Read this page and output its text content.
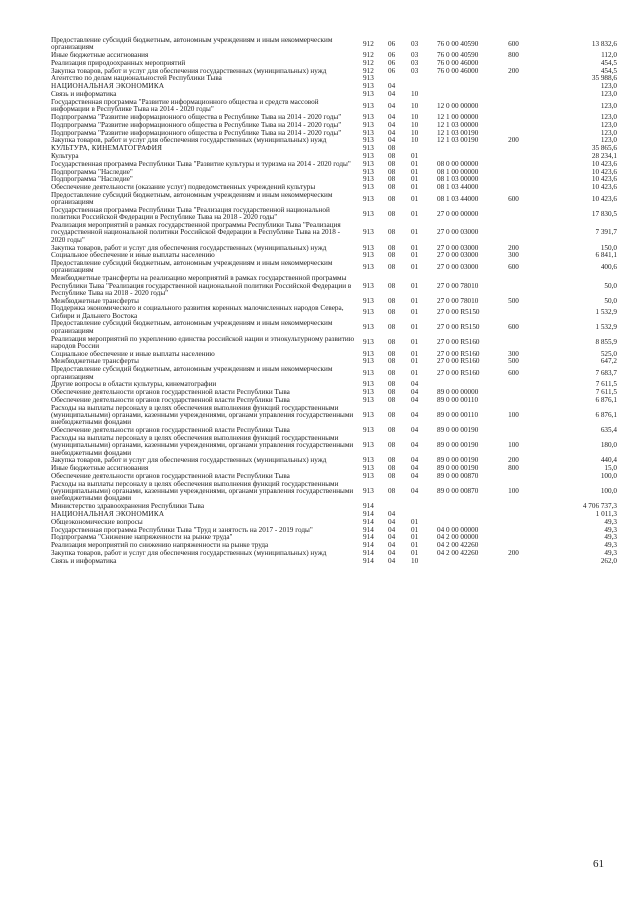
Предоставление субсидий бюджетным, автономным учреждениям и иным некоммерческим организациям	912	06	03	76 0 00 40590	600	13 832,6
Иные бюджетные ассигнования	912	06	03	76 0 00 40590	800	112,0
Реализация природоохранных мероприятий	912	06	03	76 0 00 46000		454,5
Закупка товаров, работ и услуг для обеспечения государственных (муниципальных) нужд	912	06	03	76 0 00 46000	200	454,5
Агентство по делам национальностей Республики Тыва	913					35 988,6
НАЦИОНАЛЬНАЯ ЭКОНОМИКА	913	04				123,0
Связь и информатика	913	04	10			123,0
Государственная программа "Развитие информационного общества и средств массовой информации в Республике Тыва на 2014 - 2020 годы"	913	04	10	12 0 00 00000		123,0
Подпрограмма "Развитие информационного общества в Республике Тыва на 2014 - 2020 годы"	913	04	10	12 1 00 00000		123,0
Подпрограмма "Развитие информационного общества в Республике Тыва на 2014 - 2020 годы"	913	04	10	12 1 03 00000		123,0
Подпрограмма "Развитие информационного общества в Республике Тыва на 2014 - 2020 годы"	913	04	10	12 1 03 00190		123,0
Закупка товаров, работ и услуг для обеспечения государственных (муниципальных) нужд	913	04	10	12 1 03 00190	200	123,0
КУЛЬТУРА, КИНЕМАТОГРАФИЯ	913	08				35 865,6
Культура	913	08	01			28 234,1
Государственная программа Республики Тыва "Развитие культуры и туризма на 2014 - 2020 годы"	913	08	01	08 0 00 00000		10 423,6
Подпрограмма "Наследие"	913	08	01	08 1 00 00000		10 423,6
Подпрограмма "Наследие"	913	08	01	08 1 03 00000		10 423,6
Обеспечение деятельности (оказание услуг) подведомственных учреждений культуры	913	08	01	08 1 03 44000		10 423,6
Предоставление субсидий бюджетным, автономным учреждениям и иным некоммерческим организациям	913	08	01	08 1 03 44000	600	10 423,6
Государственная программа Республики Тыва "Реализация государственной национальной политики Российской Федерации в Республике Тыва на 2018 - 2020 годы"	913	08	01	27 0 00 00000		17 830,5
Реализация мероприятий в рамках государственной программы Республики Тыва "Реализация государственной национальной политики Российской Федерации в Республике Тыва на 2018 - 2020 годы"	913	08	01	27 0 00 03000		7 391,7
Закупка товаров, работ и услуг для обеспечения государственных (муниципальных) нужд	913	08	01	27 0 00 03000	200	150,0
Социальное обеспечение и иные выплаты населению	913	08	01	27 0 00 03000	300	6 841,1
Предоставление субсидий бюджетным, автономным учреждениям и иным некоммерческим организациям	913	08	01	27 0 00 03000	600	400,6
Межбюджетные трансферты на реализацию мероприятий в рамках государственной программы Республики Тыва "Реализация государственной национальной политики Российской Федерации в Республике Тыва на 2018 - 2020 годы"	913	08	01	27 0 00 78010		50,0
Межбюджетные трансферты	913	08	01	27 0 00 78010	500	50,0
Поддержка экономического и социального развития коренных малочисленных народов Севера, Сибири и Дальнего Востока	913	08	01	27 0 00 R5150		1 532,9
Предоставление субсидий бюджетным, автономным учреждениям и иным некоммерческим организациям	913	08	01	27 0 00 R5150	600	1 532,9
Реализация мероприятий по укреплению единства российской нации и этнокультурному развитию народов России	913	08	01	27 0 00 R5160		8 855,9
Социальное обеспечение и иные выплаты населению	913	08	01	27 0 00 R5160	300	525,0
Межбюджетные трансферты	913	08	01	27 0 00 R5160	500	647,2
Предоставление субсидий бюджетным, автономным учреждениям и иным некоммерческим организациям	913	08	01	27 0 00 R5160	600	7 683,7
Другие вопросы в области культуры, кинематографии	913	08	04			7 611,5
Обеспечение деятельности органов государственной власти Республики Тыва	913	08	04	89 0 00 00000		7 611,5
Обеспечение деятельности органов государственной власти Республики Тыва	913	08	04	89 0 00 00110		6 876,1
Расходы на выплаты персоналу в целях обеспечения выполнения функций государственными (муниципальными) органами, казенными учреждениями, органами управления государственными внебюджетными фондами	913	08	04	89 0 00 00110	100	6 876,1
Обеспечение деятельности органов государственной власти Республики Тыва	913	08	04	89 0 00 00190		635,4
Расходы на выплаты персоналу в целях обеспечения выполнения функций государственными (муниципальными) органами, казенными учреждениями, органами управления государственными внебюджетными фондами	913	08	04	89 0 00 00190	100	180,0
Закупка товаров, работ и услуг для обеспечения государственных (муниципальных) нужд	913	08	04	89 0 00 00190	200	440,4
Иные бюджетные ассигнования	913	08	04	89 0 00 00190	800	15,0
Обеспечение деятельности органов государственной власти Республики Тыва	913	08	04	89 0 00 00870		100,0
Расходы на выплаты персоналу в целях обеспечения выполнения функций государственными (муниципальными) органами, казенными учреждениями, органами управления государственными внебюджетными фондами	913	08	04	89 0 00 00870	100	100,0
Министерство здравоохранения Республики Тыва	914					4 706 737,3
НАЦИОНАЛЬНАЯ ЭКОНОМИКА	914	04				1 011,3
Общеэкономические вопросы	914	04	01			49,3
Государственная программа Республики Тыва "Труд и занятость на 2017 - 2019 годы"	914	04	01	04 0 00 00000		49,3
Подпрограмма "Снижение напряженности на рынке труда"	914	04	01	04 2 00 00000		49,3
Реализация мероприятий по снижению напряженности на рынке труда	914	04	01	04 2 00 42260		49,3
Закупка товаров, работ и услуг для обеспечения государственных (муниципальных) нужд	914	04	01	04 2 00 42260	200	49,3
Связь и информатика	914	04	10			262,0
61
